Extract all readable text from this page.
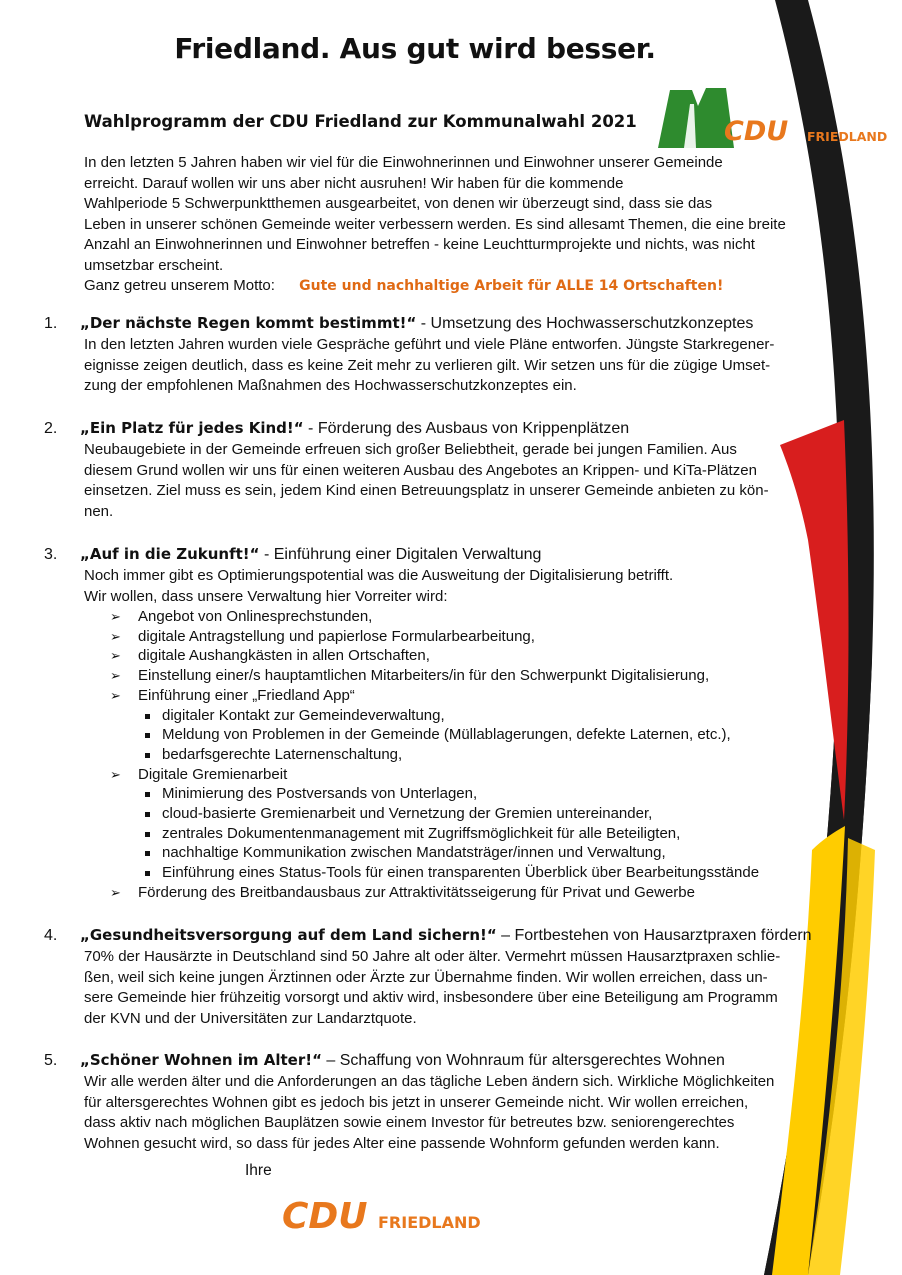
Friedland. Aus gut wird besser.
Wahlprogramm der CDU Friedland zur Kommunalwahl 2021	CDU FRIEDLAND

In den letzten 5 Jahren haben wir viel für die Einwohnerinnen und Einwohner unserer Gemeinde

erreicht. Darauf wollen wir uns aber nicht ausruhen! Wir haben für die kommende

Wahlperiode 5 Schwerpunktthemen ausgearbeitet, von denen wir überzeugt sind, dass sie das

Leben in unserer schönen Gemeinde weiter verbessern werden. Es sind allesamt Themen, die eine breite

Anzahl an Einwohnerinnen und Einwohner betreffen - keine Leuchtturmprojekte und nichts, was nicht

umsetzbar erscheint.

Ganz getreu unserem Motto: Gute und nachhaltige Arbeit für ALLE 14 Ortschaften!

1. „Der nächste Regen kommt bestimmt!“ - Umsetzung des Hochwasserschutzkonzeptes

In den letzten Jahren wurden viele Gespräche geführt und viele Pläne entworfen. Jüngste Starkregener-

eignisse zeigen deutlich, dass es keine Zeit mehr zu verlieren gilt. Wir setzen uns für die zügige Umset-

zung der empfohlenen Maßnahmen des Hochwasserschutzkonzeptes ein.

2. „Ein Platz für jedes Kind!“ - Förderung des Ausbaus von Krippenplätzen

Neubaugebiete in der Gemeinde erfreuen sich großer Beliebtheit, gerade bei jungen Familien. Aus

diesem Grund wollen wir uns für einen weiteren Ausbau des Angebotes an Krippen- und KiTa-Plätzen

einsetzen. Ziel muss es sein, jedem Kind einen Betreuungsplatz in unserer Gemeinde anbieten zu kön-

nen.

3. „Auf in die Zukunft!“ - Einführung einer Digitalen Verwaltung

Noch immer gibt es Optimierungspotential was die Ausweitung der Digitalisierung betrifft.

Wir wollen, dass unsere Verwaltung hier Vorreiter wird:

➢ Angebot von Onlinesprechstunden,
➢ digitale Antragstellung und papierlose Formularbearbeitung,
➢ digitale Aushangkästen in allen Ortschaften,
➢ Einstellung einer/s hauptamtlichen Mitarbeiters/in für den Schwerpunkt Digitalisierung,
➢ Einführung einer „Friedland App“
digitaler Kontakt zur Gemeindeverwaltung,
Meldung von Problemen in der Gemeinde (Müllablagerungen, defekte Laternen, etc.),
bedarfsgerechte Laternenschaltung,
➢ Digitale Gremienarbeit
Minimierung des Postversands von Unterlagen,
cloud-basierte Gremienarbeit und Vernetzung der Gremien untereinander,
zentrales Dokumentenmanagement mit Zugriffsmöglichkeit für alle Beteiligten,
nachhaltige Kommunikation zwischen Mandatsträger/innen und Verwaltung,
Einführung eines Status-Tools für einen transparenten Überblick über Bearbeitungsstände
➢ Förderung des Breitbandausbaus zur Attraktivitätsseigerung für Privat und Gewerbe
4. „Gesundheitsversorgung auf dem Land sichern!“ – Fortbestehen von Hausarztpraxen fördern

70% der Hausärzte in Deutschland sind 50 Jahre alt oder älter. Vermehrt müssen Hausarztpraxen schlie-

ßen, weil sich keine jungen Ärztinnen oder Ärzte zur Übernahme finden. Wir wollen erreichen, dass un-

sere Gemeinde hier frühzeitig vorsorgt und aktiv wird, insbesondere über eine Beteiligung am Programm

der KVN und der Universitäten zur Landarztquote.

5. „Schöner Wohnen im Alter!“ – Schaffung von Wohnraum für altersgerechtes Wohnen

Wir alle werden älter und die Anforderungen an das tägliche Leben ändern sich. Wirkliche Möglichkeiten

für altersgerechtes Wohnen gibt es jedoch bis jetzt in unserer Gemeinde nicht. Wir wollen erreichen,

dass aktiv nach möglichen Bauplätzen sowie einem Investor für betreutes bzw. seniorengerechtes

Wohnen gesucht wird, so dass für jedes Alter eine passende Wohnform gefunden werden kann.

Ihre
CDU FRIEDLAND
